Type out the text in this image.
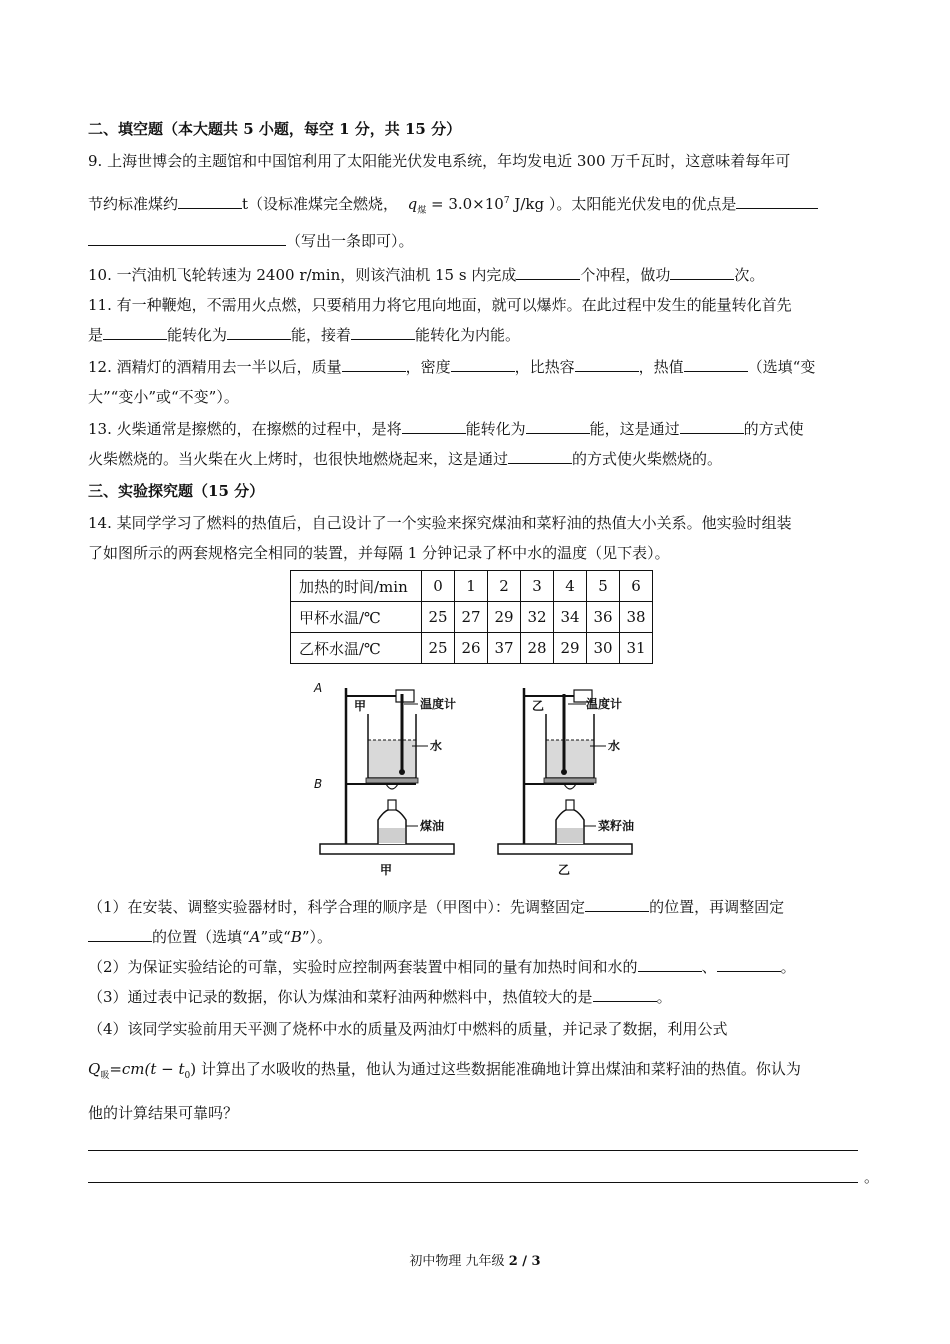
二、填空题（本大题共 5 小题，每空 1 分，共 15 分）
9. 上海世博会的主题馆和中国馆利用了太阳能光伏发电系统，年均发电近 300 万千瓦时，这意味着每年可
节约标准煤约	t（设标准煤完全燃烧， $q_煤 = 3.0\times 10^7$ J/kg ）。太阳能光伏发电的优点是
（写出一条即可）。
10. 一汽油机飞轮转速为 2400 r/min，则该汽油机 15 s 内完成	个冲程，做功	次。
11. 有一种鞭炮，不需用火点燃，只要稍用力将它甩向地面，就可以爆炸。在此过程中发生的能量转化首先
是	能转化为	能，接着	能转化为内能。
12. 酒精灯的酒精用去一半以后，质量	，密度	，比热容	，热值	（选填“变
大”“变小”或“不变”）。
13. 火柴通常是擦燃的，在擦燃的过程中，是将	能转化为	能，这是通过	的方式使
火柴燃烧的。当火柴在火上烤时，也很快地燃烧起来，这是通过	的方式使火柴燃烧的。
三、实验探究题（15 分）
14. 某同学学习了燃料的热值后，自己设计了一个实验来探究煤油和菜籽油的热值大小关系。他实验时组装
了如图所示的两套规格完全相同的装置，并每隔 1 分钟记录了杯中水的温度（见下表）。
加热的时间/min	0	1	2	3	4	5	6
甲杯水温/℃	25	27	29	32	34	36	38
乙杯水温/℃	25	26	37	28	29	30	31
A
B
甲	温度计
水
煤油
甲
乙	温度计
水
菜籽油
乙
（1）在安装、调整实验器材时，科学合理的顺序是（甲图中）：先调整固定	的位置，再调整固定
的位置（选填“A”或“B”）。
（2）为保证实验结论的可靠，实验时应控制两套装置中相同的量有加热时间和水的	、	。
（3）通过表中记录的数据，你认为煤油和菜籽油两种燃料中，热值较大的是	。
（4）该同学实验前用天平测了烧杯中水的质量及两油灯中燃料的质量，并记录了数据，利用公式
$Q_吸=cm(t - t_0)$ 计算出了水吸收的热量，他认为通过这些数据能准确地计算出煤油和菜籽油的热值。你认为
他的计算结果可靠吗？
。
初中物理 九年级 2 / 3
